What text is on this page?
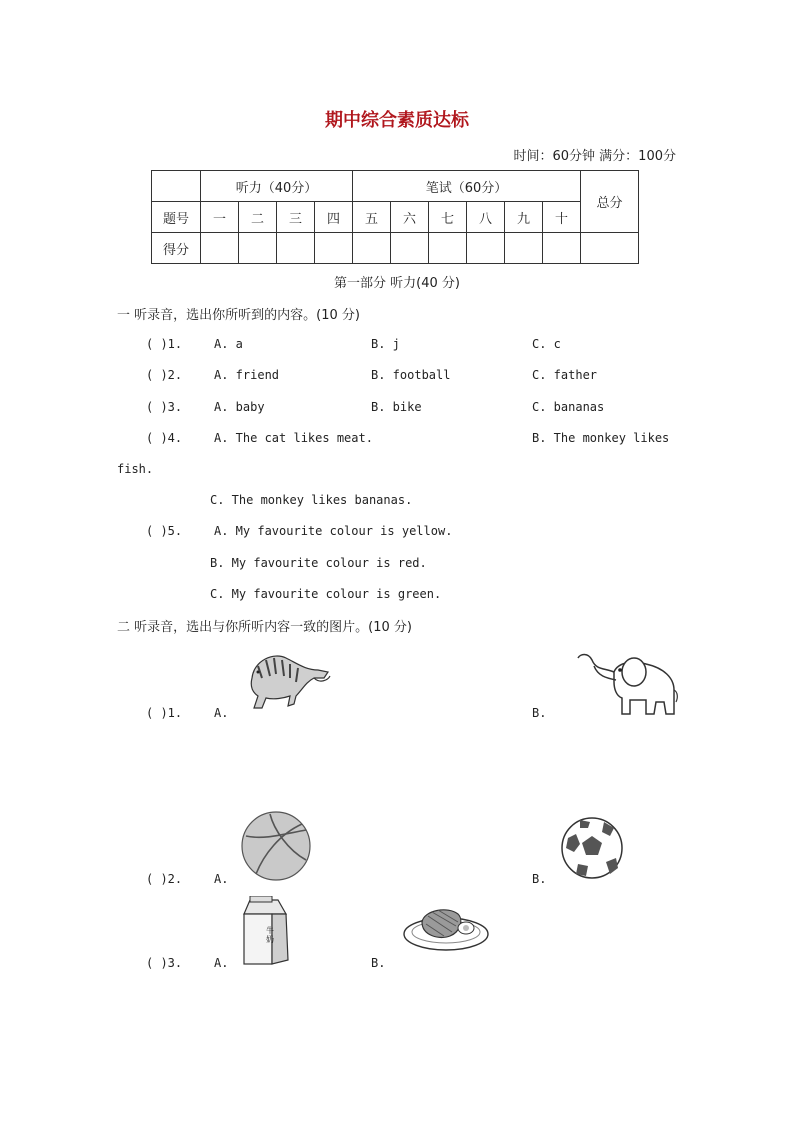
期中综合素质达标
时间：60分钟 满分：100分
	听力（40分）				笔试（60分）						总分
题号	一	二	三	四	五	六	七	八	九	十	
得分											
第一部分 听力(40 分)
一 听录音，选出你所听到的内容。(10 分)
( )1.	A. a	B. j	C. c
( )2.	A. friend	B. football	C. father
( )3.	A. baby	B. bike	C. bananas
( )4.	A. The cat likes meat.	B. The monkey likes
fish.
C. The monkey likes bananas.
( )5.	A. My favourite colour is yellow.
B. My favourite colour is red.
C. My favourite colour is green.
二 听录音，选出与你所听内容一致的图片。(10 分)
( )1.	A.	B.
( )2.	A.	B.
( )3.	A.	B.
牛奶
